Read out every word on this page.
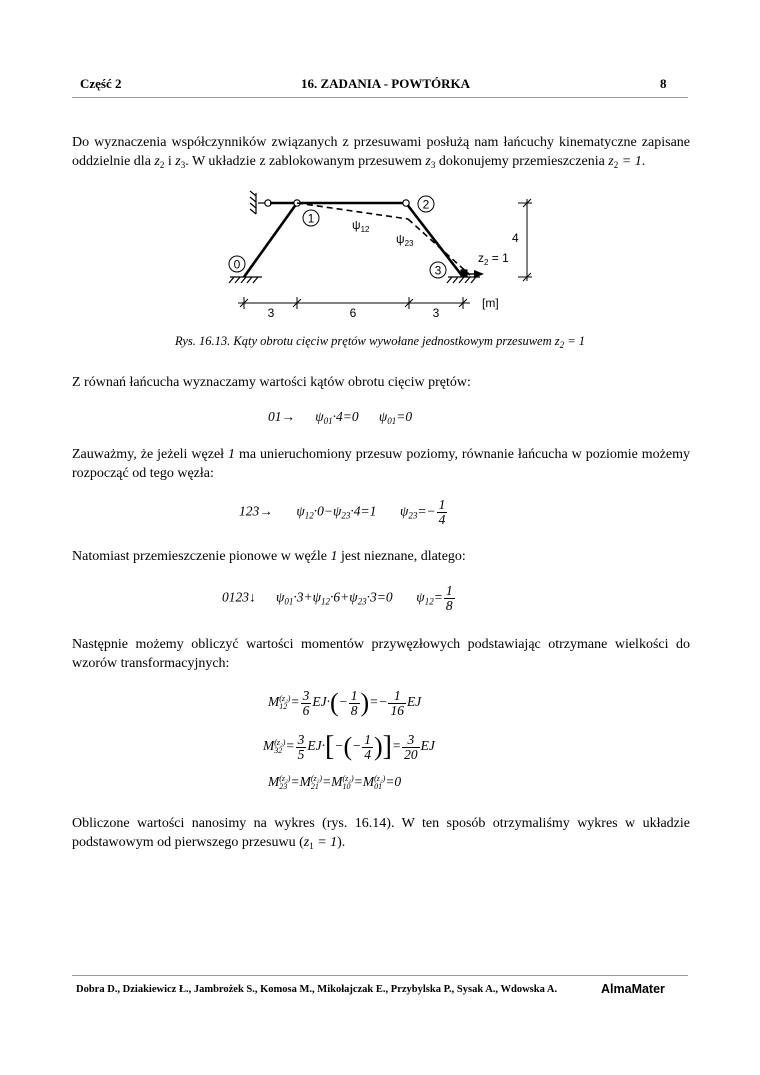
Część 2	16. ZADANIA - POWTÓRKA	8
Do wyznaczenia współczynników związanych z przesuwami posłużą nam łańcuchy kinematyczne zapisane oddzielnie dla $z_2$ i $z_3$. W układzie z zablokowanym przesuwem $z_3$ dokonujemy przemieszczenia $z_2 = 1$.
0
1
2
3
$\psi_{12}$
$\psi_{23}$
$z_2 = 1$
4
3	6	3
[m]
Rys. 16.13. Kąty obrotu cięciw prętów wywołane jednostkowym przesuwem $z_2 = 1$
Z równań łańcucha wyznaczamy wartości kątów obrotu cięciw prętów:
$01\to \psi_{01}\cdot 4=0$ $\psi_{01}=0$
Zauważmy, że jeżeli węzeł 1 ma unieruchomiony przesuw poziomy, równanie łańcucha w poziomie możemy rozpocząć od tego węzła:
$123\to \psi_{12}\cdot 0-\psi_{23}\cdot 4=1$ $\psi_{23}=- \frac{1}{4}$
Natomiast przemieszczenie pionowe w węźle 1 jest nieznane, dlatego:
0123↓ $\psi_{01}\cdot 3+\psi_{12}\cdot 6+\psi_{23}\cdot 3=0$ $\psi_{12}= \frac{1}{8}$
Następnie możemy obliczyć wartości momentów przywęzłowych podstawiając otrzymane wielkości do wzorów transformacyjnych:
M (z₂)
$12 = \frac{3}{6} EJ\cdot(- \frac{1}{8}$ )=− $\frac{1}{16}$ EJ
M (z₂)
$32 = \frac{3}{5} EJ\cdot[-(- \frac{1}{4}$ )]= $\frac{3}{20}$ EJ
M (z₂)
23 =M (z₂)
21 =M (z₂)
10 =M (z₂)
01 =0
Obliczone wartości nanosimy na wykres (rys. 16.14). W ten sposób otrzymaliśmy wykres w układzie podstawowym od pierwszego przesuwu $(z_1 = 1)$.
Dobra D., Dziakiewicz Ł., Jambrożek S., Komosa M., Mikołajczak E., Przybylska P., Sysak A., Wdowska A.	AlmaMater
